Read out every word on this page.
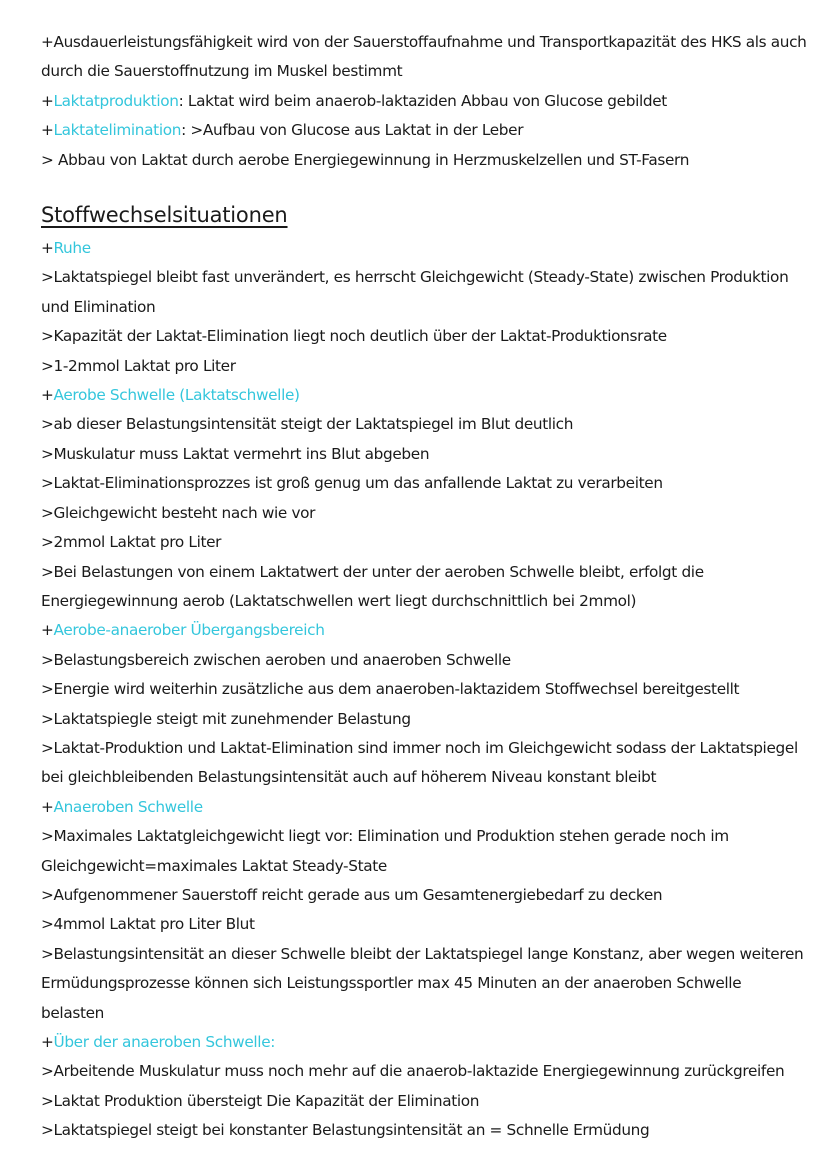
+Ausdauerleistungsfähigkeit wird von der Sauerstoffaufnahme und Transportkapazität des HKS als auch durch die Sauerstoffnutzung im Muskel bestimmt
+Laktatproduktion: Laktat wird beim anaerob-laktaziden Abbau von Glucose gebildet
+Laktatelimination: >Aufbau von Glucose aus Laktat in der Leber
> Abbau von Laktat durch aerobe Energiegewinnung in Herzmuskelzellen und ST-Fasern
Stoffwechselsituationen
+Ruhe
>Laktatspiegel bleibt fast unverändert, es herrscht Gleichgewicht (Steady-State) zwischen Produktion und Elimination
>Kapazität der Laktat-Elimination liegt noch deutlich über der Laktat-Produktionsrate
>1-2mmol Laktat pro Liter
+Aerobe Schwelle (Laktatschwelle)
>ab dieser Belastungsintensität steigt der Laktatspiegel im Blut deutlich
>Muskulatur muss Laktat vermehrt ins Blut abgeben
>Laktat-Eliminationsprozzes ist groß genug um das anfallende Laktat zu verarbeiten
>Gleichgewicht besteht nach wie vor
>2mmol Laktat pro Liter
>Bei Belastungen von einem Laktatwert der unter der aeroben Schwelle bleibt, erfolgt die Energiegewinnung aerob (Laktatschwellen wert liegt durchschnittlich bei 2mmol)
+Aerobe-anaerober Übergangsbereich
>Belastungsbereich zwischen aeroben und anaeroben Schwelle
>Energie wird weiterhin zusätzliche aus dem anaeroben-laktazidem Stoffwechsel bereitgestellt
>Laktatspiegle steigt mit zunehmender Belastung
>Laktat-Produktion und Laktat-Elimination sind immer noch im Gleichgewicht sodass der Laktatspiegel bei gleichbleibenden Belastungsintensität auch auf höherem Niveau konstant bleibt
+Anaeroben Schwelle
>Maximales Laktatgleichgewicht liegt vor: Elimination und Produktion stehen gerade noch im Gleichgewicht=maximales Laktat Steady-State
>Aufgenommener Sauerstoff reicht gerade aus um Gesamtenergiebedarf zu decken
>4mmol Laktat pro Liter Blut
>Belastungsintensität an dieser Schwelle bleibt der Laktatspiegel lange Konstanz, aber wegen weiteren Ermüdungsprozesse können sich Leistungssportler max 45 Minuten an der anaeroben Schwelle belasten
+Über der anaeroben Schwelle:
>Arbeitende Muskulatur muss noch mehr auf die anaerob-laktazide Energiegewinnung zurückgreifen
>Laktat Produktion übersteigt Die Kapazität der Elimination
>Laktatspiegel steigt bei konstanter Belastungsintensität an = Schnelle Ermüdung
